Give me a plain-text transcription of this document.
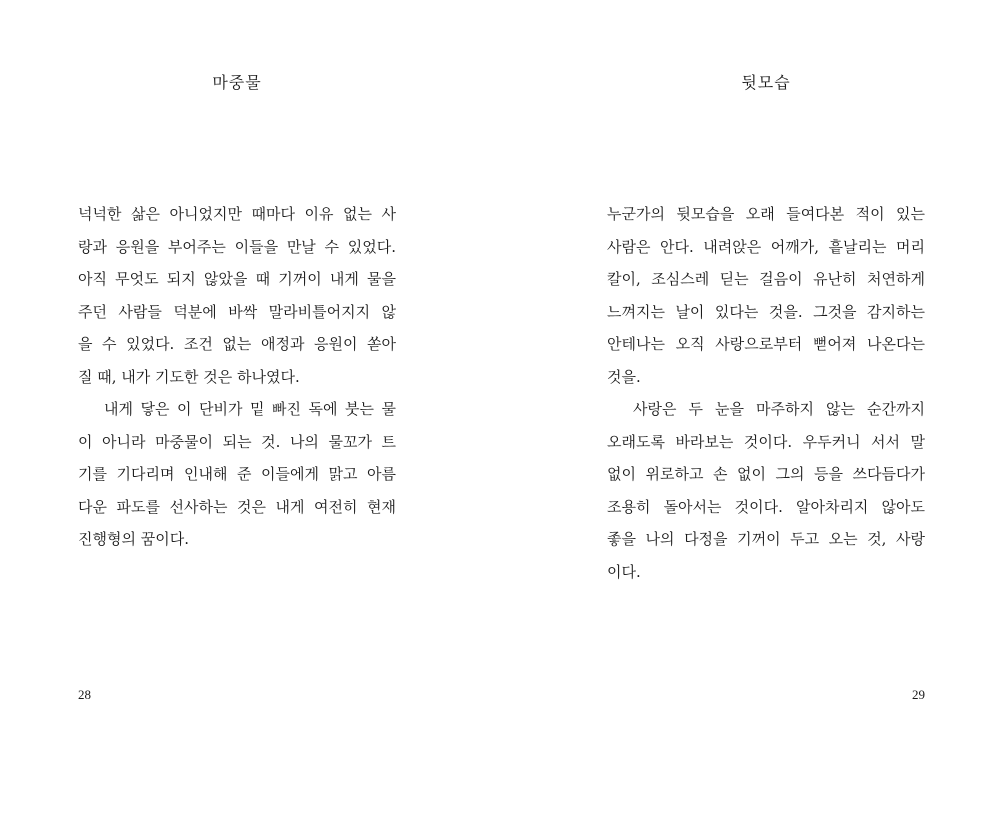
마중물
넉넉한 삶은 아니었지만 때마다 이유 없는 사
랑과 응원을 부어주는 이들을 만날 수 있었다.
아직 무엇도 되지 않았을 때 기꺼이 내게 물을
주던 사람들 덕분에 바싹 말라비틀어지지 않
을 수 있었다. 조건 없는 애정과 응원이 쏟아
질 때, 내가 기도한 것은 하나였다.
내게 닿은 이 단비가 밑 빠진 독에 붓는 물
이 아니라 마중물이 되는 것. 나의 물꼬가 트
기를 기다리며 인내해 준 이들에게 맑고 아름
다운 파도를 선사하는 것은 내게 여전히 현재
진행형의 꿈이다.
28
뒷모습
누군가의 뒷모습을 오래 들여다본 적이 있는
사람은 안다. 내려앉은 어깨가, 흩날리는 머리
칼이, 조심스레 딛는 걸음이 유난히 처연하게
느껴지는 날이 있다는 것을. 그것을 감지하는
안테나는 오직 사랑으로부터 뻗어져 나온다는
것을.
사랑은 두 눈을 마주하지 않는 순간까지
오래도록 바라보는 것이다. 우두커니 서서 말
없이 위로하고 손 없이 그의 등을 쓰다듬다가
조용히 돌아서는 것이다. 알아차리지 않아도
좋을 나의 다정을 기꺼이 두고 오는 것, 사랑
이다.
29
